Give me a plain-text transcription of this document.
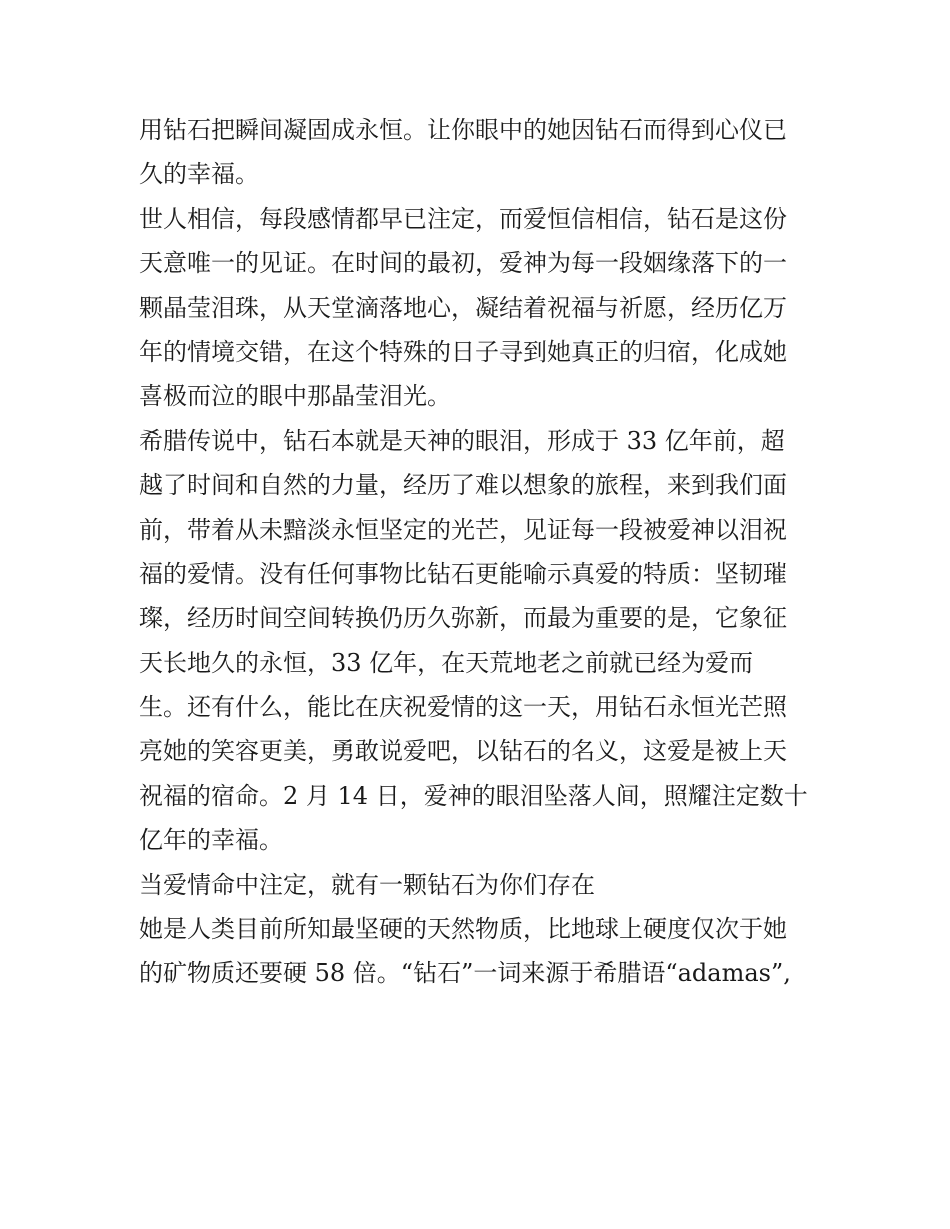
用钻石把瞬间凝固成永恒。让你眼中的她因钻石而得到心仪已
久的幸福。
世人相信，每段感情都早已注定，而爱恒信相信，钻石是这份
天意唯一的见证。在时间的最初，爱神为每一段姻缘落下的一
颗晶莹泪珠，从天堂滴落地心，凝结着祝福与祈愿，经历亿万
年的情境交错，在这个特殊的日子寻到她真正的归宿，化成她
喜极而泣的眼中那晶莹泪光。
希腊传说中，钻石本就是天神的眼泪，形成于 33 亿年前，超
越了时间和自然的力量，经历了难以想象的旅程，来到我们面
前，带着从未黯淡永恒坚定的光芒，见证每一段被爱神以泪祝
福的爱情。没有任何事物比钻石更能喻示真爱的特质：坚韧璀
璨，经历时间空间转换仍历久弥新，而最为重要的是，它象征
天长地久的永恒，33 亿年，在天荒地老之前就已经为爱而
生。还有什么，能比在庆祝爱情的这一天，用钻石永恒光芒照
亮她的笑容更美，勇敢说爱吧，以钻石的名义，这爱是被上天
祝福的宿命。2 月 14 日，爱神的眼泪坠落人间，照耀注定数十
亿年的幸福。
当爱情命中注定，就有一颗钻石为你们存在
她是人类目前所知最坚硬的天然物质，比地球上硬度仅次于她
的矿物质还要硬 58 倍。“钻石”一词来源于希腊语“adamas”,
